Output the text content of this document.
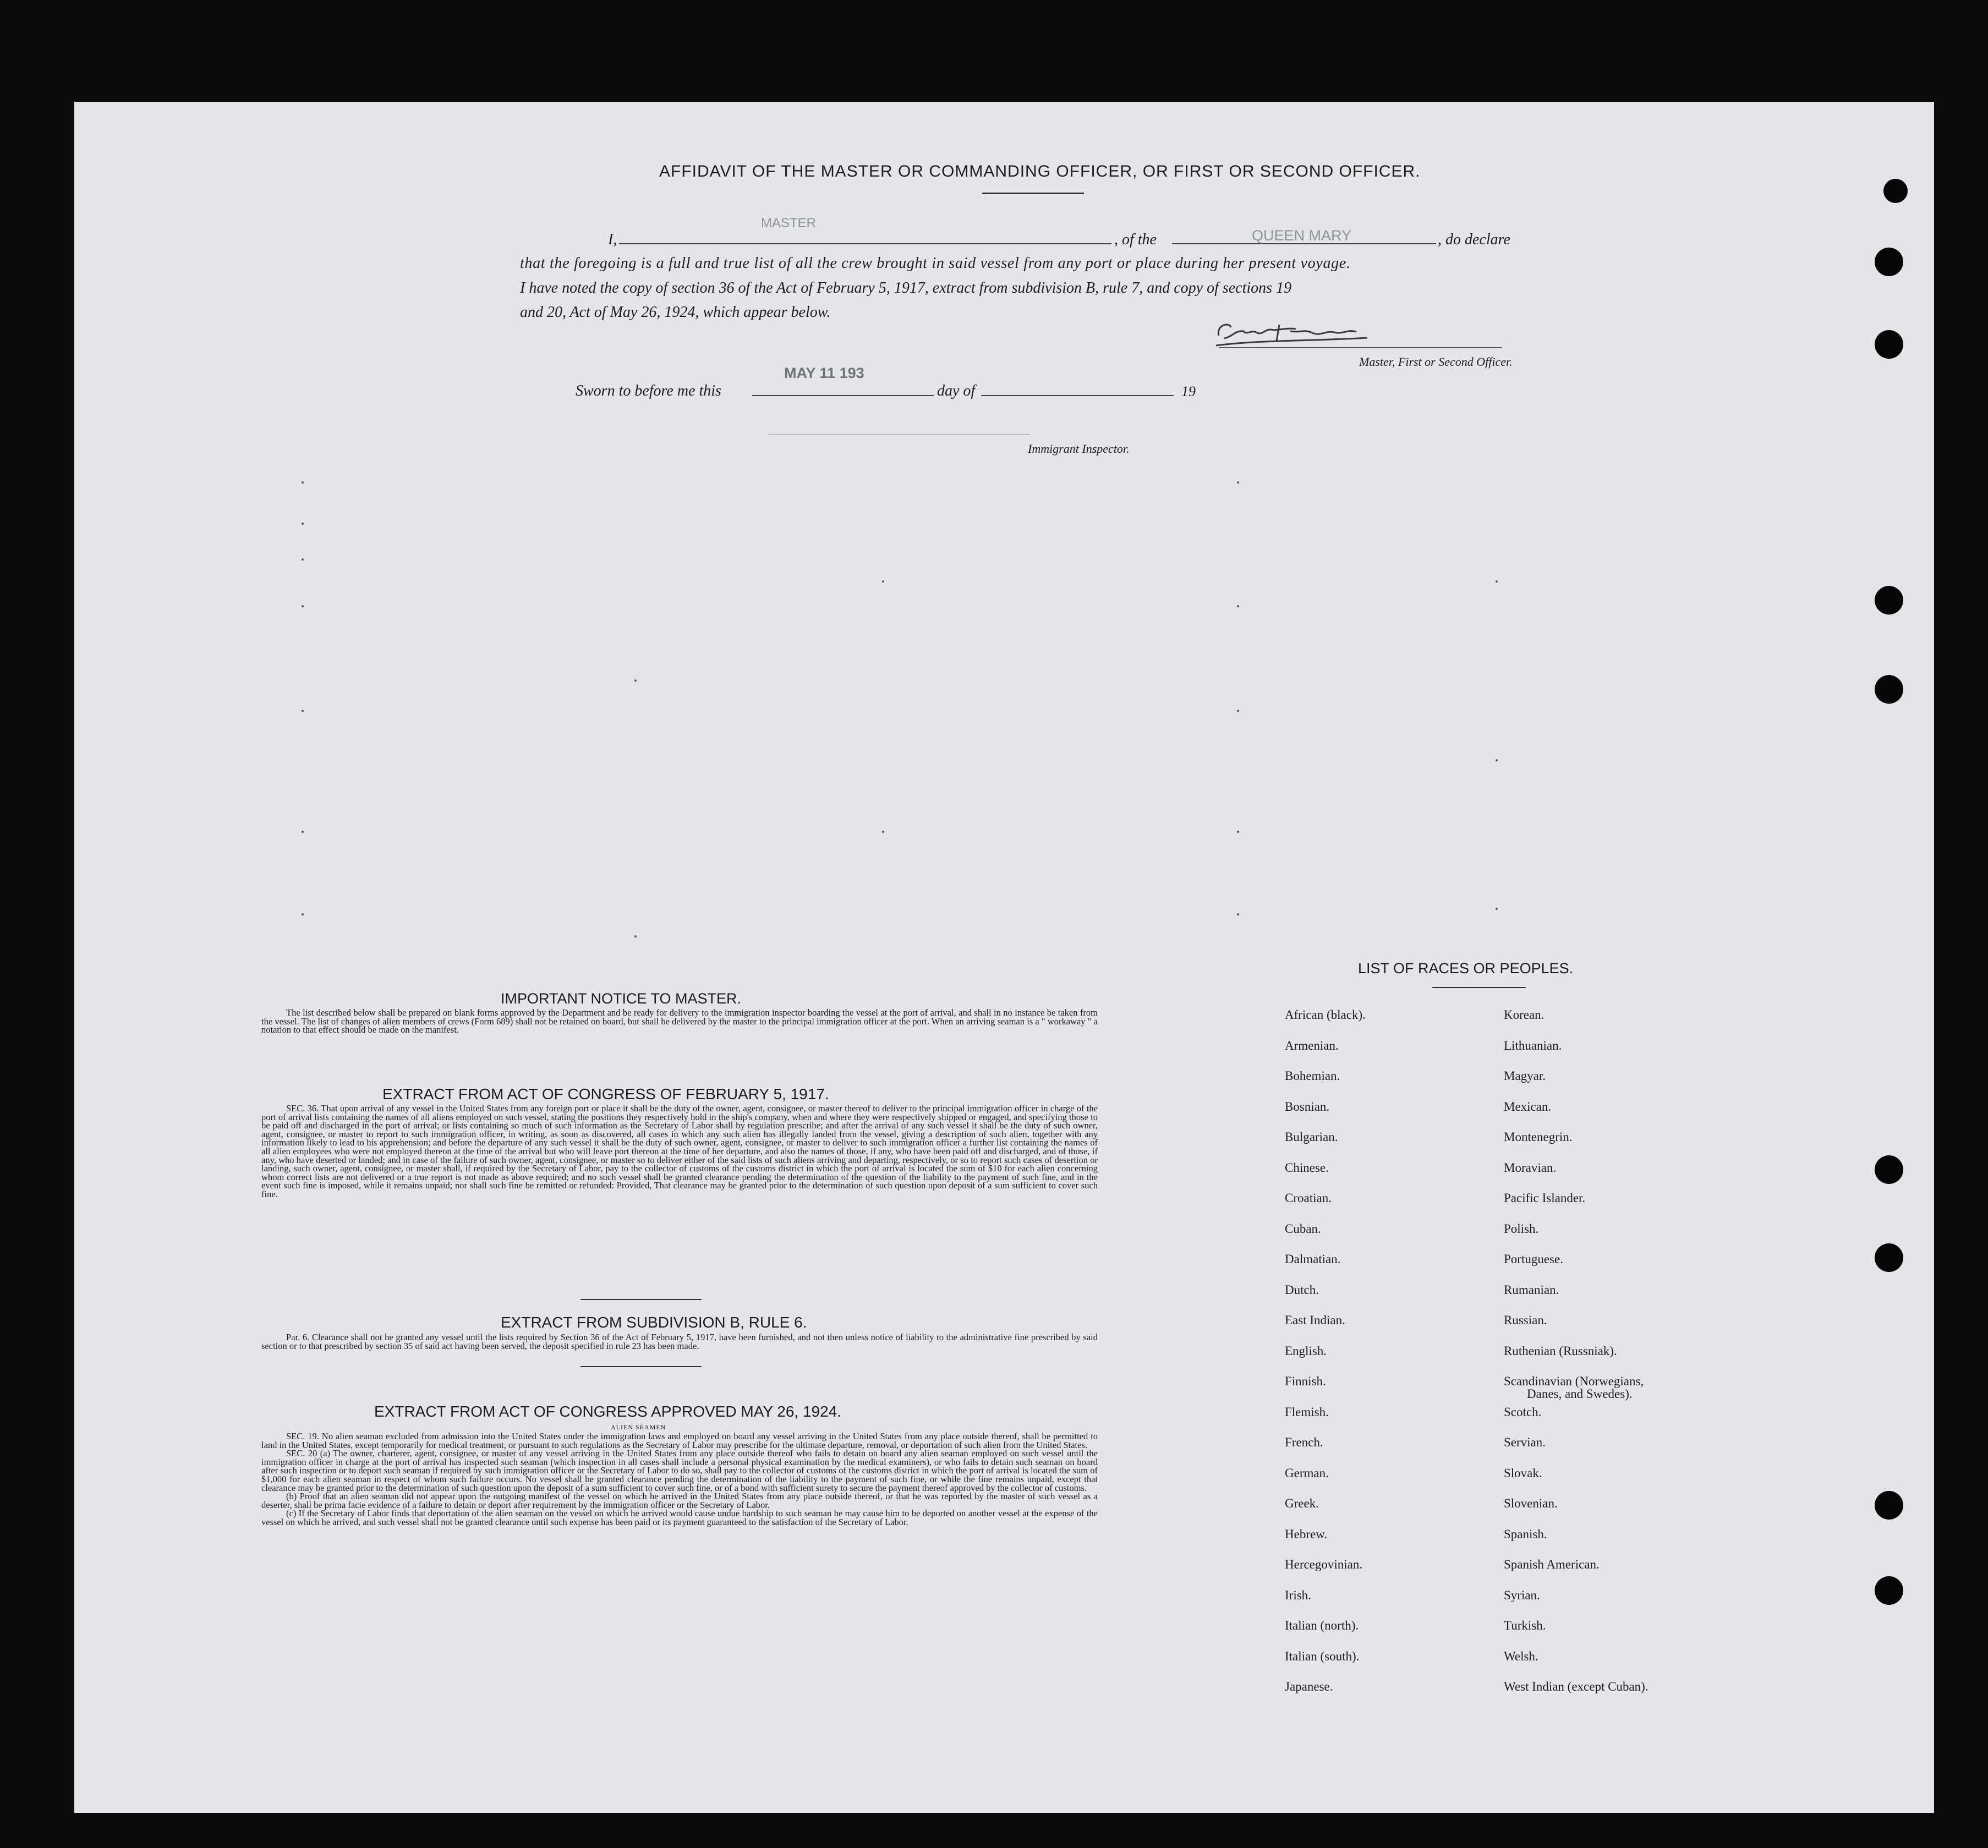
AFFIDAVIT OF THE MASTER OR COMMANDING OFFICER, OR FIRST OR SECOND OFFICER.
I,
MASTER
, of the	QUEEN MARY	, do declare
that the foregoing is a full and true list of all the crew brought in said vessel from any port or place during her present voyage.
I have noted the copy of section 36 of the Act of February 5, 1917, extract from subdivision B, rule 7, and copy of sections 19
and 20, Act of May 26, 1924, which appear below.
Master, First or Second Officer.
Sworn to before me this
MAY 11 193
day of	19
Immigrant Inspector.
IMPORTANT NOTICE TO MASTER.

The list described below shall be prepared on blank forms approved by the Department and be ready for delivery to the immigration inspector boarding the vessel at the port of arrival, and shall in no instance be taken from the vessel. The list of changes of alien members of crews (Form 689) shall not be retained on board, but shall be delivered by the master to the principal immigration officer at the port. When an arriving seaman is a " workaway " a notation to that effect should be made on the manifest.

EXTRACT FROM ACT OF CONGRESS OF FEBRUARY 5, 1917.

SEC. 36. That upon arrival of any vessel in the United States from any foreign port or place it shall be the duty of the owner, agent, consignee, or master thereof to deliver to the principal immigration officer in charge of the port of arrival lists containing the names of all aliens employed on such vessel, stating the positions they respectively hold in the ship's company, when and where they were respectively shipped or engaged, and specifying those to be paid off and discharged in the port of arrival; or lists containing so much of such information as the Secretary of Labor shall by regulation prescribe; and after the arrival of any such vessel it shall be the duty of such owner, agent, consignee, or master to report to such immigration officer, in writing, as soon as discovered, all cases in which any such alien has illegally landed from the vessel, giving a description of such alien, together with any information likely to lead to his apprehension; and before the departure of any such vessel it shall be the duty of such owner, agent, consignee, or master to deliver to such immigration officer a further list containing the names of all alien employees who were not employed thereon at the time of the arrival but who will leave port thereon at the time of her departure, and also the names of those, if any, who have been paid off and discharged, and of those, if any, who have deserted or landed; and in case of the failure of such owner, agent, consignee, or master so to deliver either of the said lists of such aliens arriving and departing, respectively, or so to report such cases of desertion or landing, such owner, agent, consignee, or master shall, if required by the Secretary of Labor, pay to the collector of customs of the customs district in which the port of arrival is located the sum of $10 for each alien concerning whom correct lists are not delivered or a true report is not made as above required; and no such vessel shall be granted clearance pending the determination of the question of the liability to the payment of such fine, and in the event such fine is imposed, while it remains unpaid; nor shall such fine be remitted or refunded: Provided, That clearance may be granted prior to the determination of such question upon deposit of a sum sufficient to cover such fine.

EXTRACT FROM SUBDIVISION B, RULE 6.

Par. 6. Clearance shall not be granted any vessel until the lists required by Section 36 of the Act of February 5, 1917, have been furnished, and not then unless notice of liability to the administrative fine prescribed by said section or to that prescribed by section 35 of said act having been served, the deposit specified in rule 23 has been made.

EXTRACT FROM ACT OF CONGRESS APPROVED MAY 26, 1924.
ALIEN SEAMEN

SEC. 19. No alien seaman excluded from admission into the United States under the immigration laws and employed on board any vessel arriving in the United States from any place outside thereof, shall be permitted to land in the United States, except temporarily for medical treatment, or pursuant to such regulations as the Secretary of Labor may prescribe for the ultimate departure, removal, or deportation of such alien from the United States.

SEC. 20 (a) The owner, charterer, agent, consignee, or master of any vessel arriving in the United States from any place outside thereof who fails to detain on board any alien seaman employed on such vessel until the immigration officer in charge at the port of arrival has inspected such seaman (which inspection in all cases shall include a personal physical examination by the medical examiners), or who fails to detain such seaman on board after such inspection or to deport such seaman if required by such immigration officer or the Secretary of Labor to do so, shall pay to the collector of customs of the customs district in which the port of arrival is located the sum of $1,000 for each alien seaman in respect of whom such failure occurs. No vessel shall be granted clearance pending the determination of the liability to the payment of such fine, or while the fine remains unpaid, except that clearance may be granted prior to the determination of such question upon the deposit of a sum sufficient to cover such fine, or of a bond with sufficient surety to secure the payment thereof approved by the collector of customs.

(b) Proof that an alien seaman did not appear upon the outgoing manifest of the vessel on which he arrived in the United States from any place outside thereof, or that he was reported by the master of such vessel as a deserter, shall be prima facie evidence of a failure to detain or deport after requirement by the immigration officer or the Secretary of Labor.

(c) If the Secretary of Labor finds that deportation of the alien seaman on the vessel on which he arrived would cause undue hardship to such seaman he may cause him to be deported on another vessel at the expense of the vessel on which he arrived, and such vessel shall not be granted clearance until such expense has been paid or its payment guaranteed to the satisfaction of the Secretary of Labor.

LIST OF RACES OR PEOPLES.
African (black).
Armenian.
Bohemian.
Bosnian.
Bulgarian.
Chinese.
Croatian.
Cuban.
Dalmatian.
Dutch.
East Indian.
English.
Finnish.
Flemish.
French.
German.
Greek.
Hebrew.
Hercegovinian.
Irish.
Italian (north).
Italian (south).
Japanese.
Korean.
Lithuanian.
Magyar.
Mexican.
Montenegrin.
Moravian.
Pacific Islander.
Polish.
Portuguese.
Rumanian.
Russian.
Ruthenian (Russniak).
Scandinavian (Norwegians,
Danes, and Swedes).
Scotch.
Servian.
Slovak.
Slovenian.
Spanish.
Spanish American.
Syrian.
Turkish.
Welsh.
West Indian (except Cuban).
